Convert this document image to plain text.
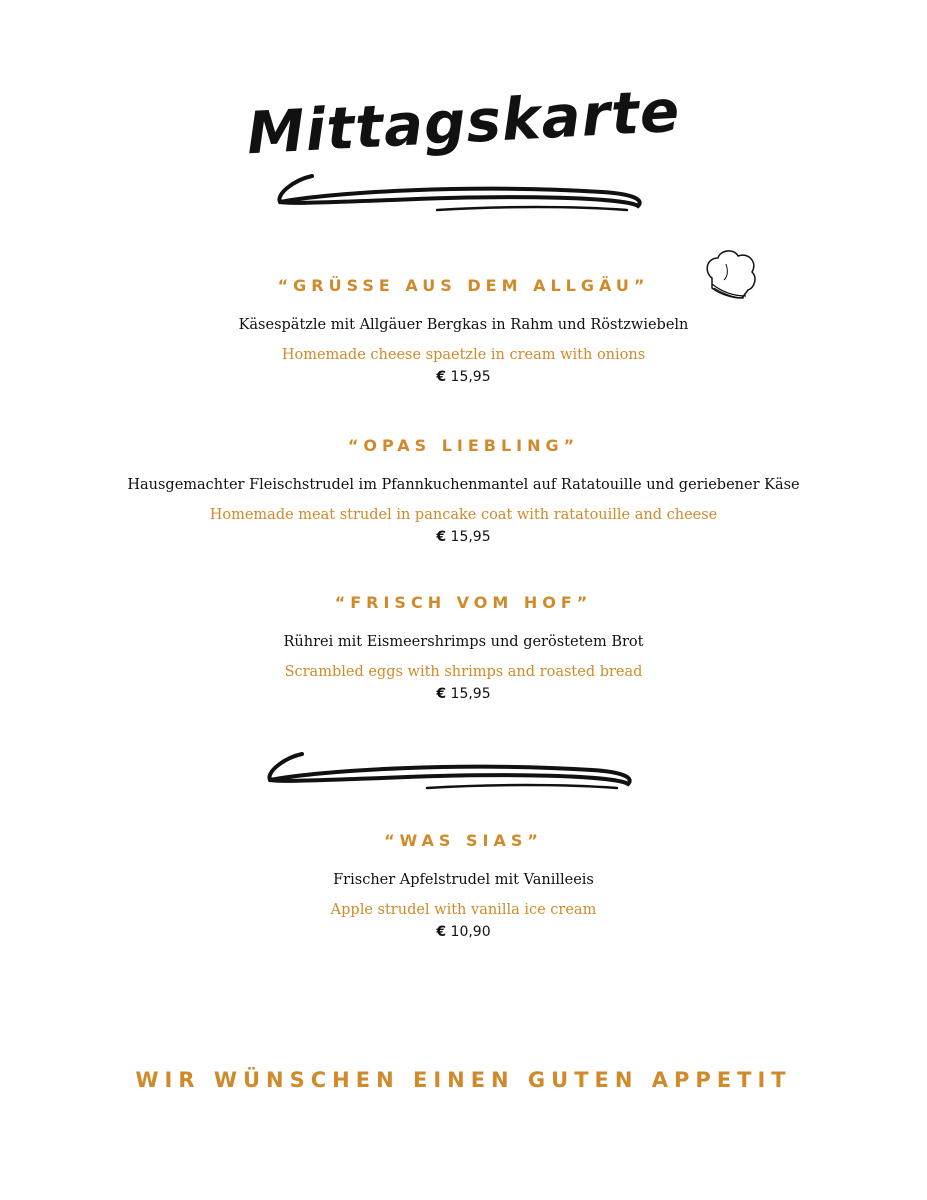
Mittagskarte
“GRÜSSE AUS DEM ALLGÄU”
Käsespätzle mit Allgäuer Bergkas in Rahm und Röstzwiebeln
Homemade cheese spaetzle in cream with onions
€ 15,95
“OPAS LIEBLING”
Hausgemachter Fleischstrudel im Pfannkuchenmantel auf Ratatouille und geriebener Käse
Homemade meat strudel in pancake coat with ratatouille and cheese
€ 15,95
“FRISCH VOM HOF”
Rührei mit Eismeershrimps und geröstetem Brot
Scrambled eggs with shrimps and roasted bread
€ 15,95
“WAS SIAS”
Frischer Apfelstrudel mit Vanilleeis
Apple strudel with vanilla ice cream
€ 10,90
WIR WÜNSCHEN EINEN GUTEN APPETIT
